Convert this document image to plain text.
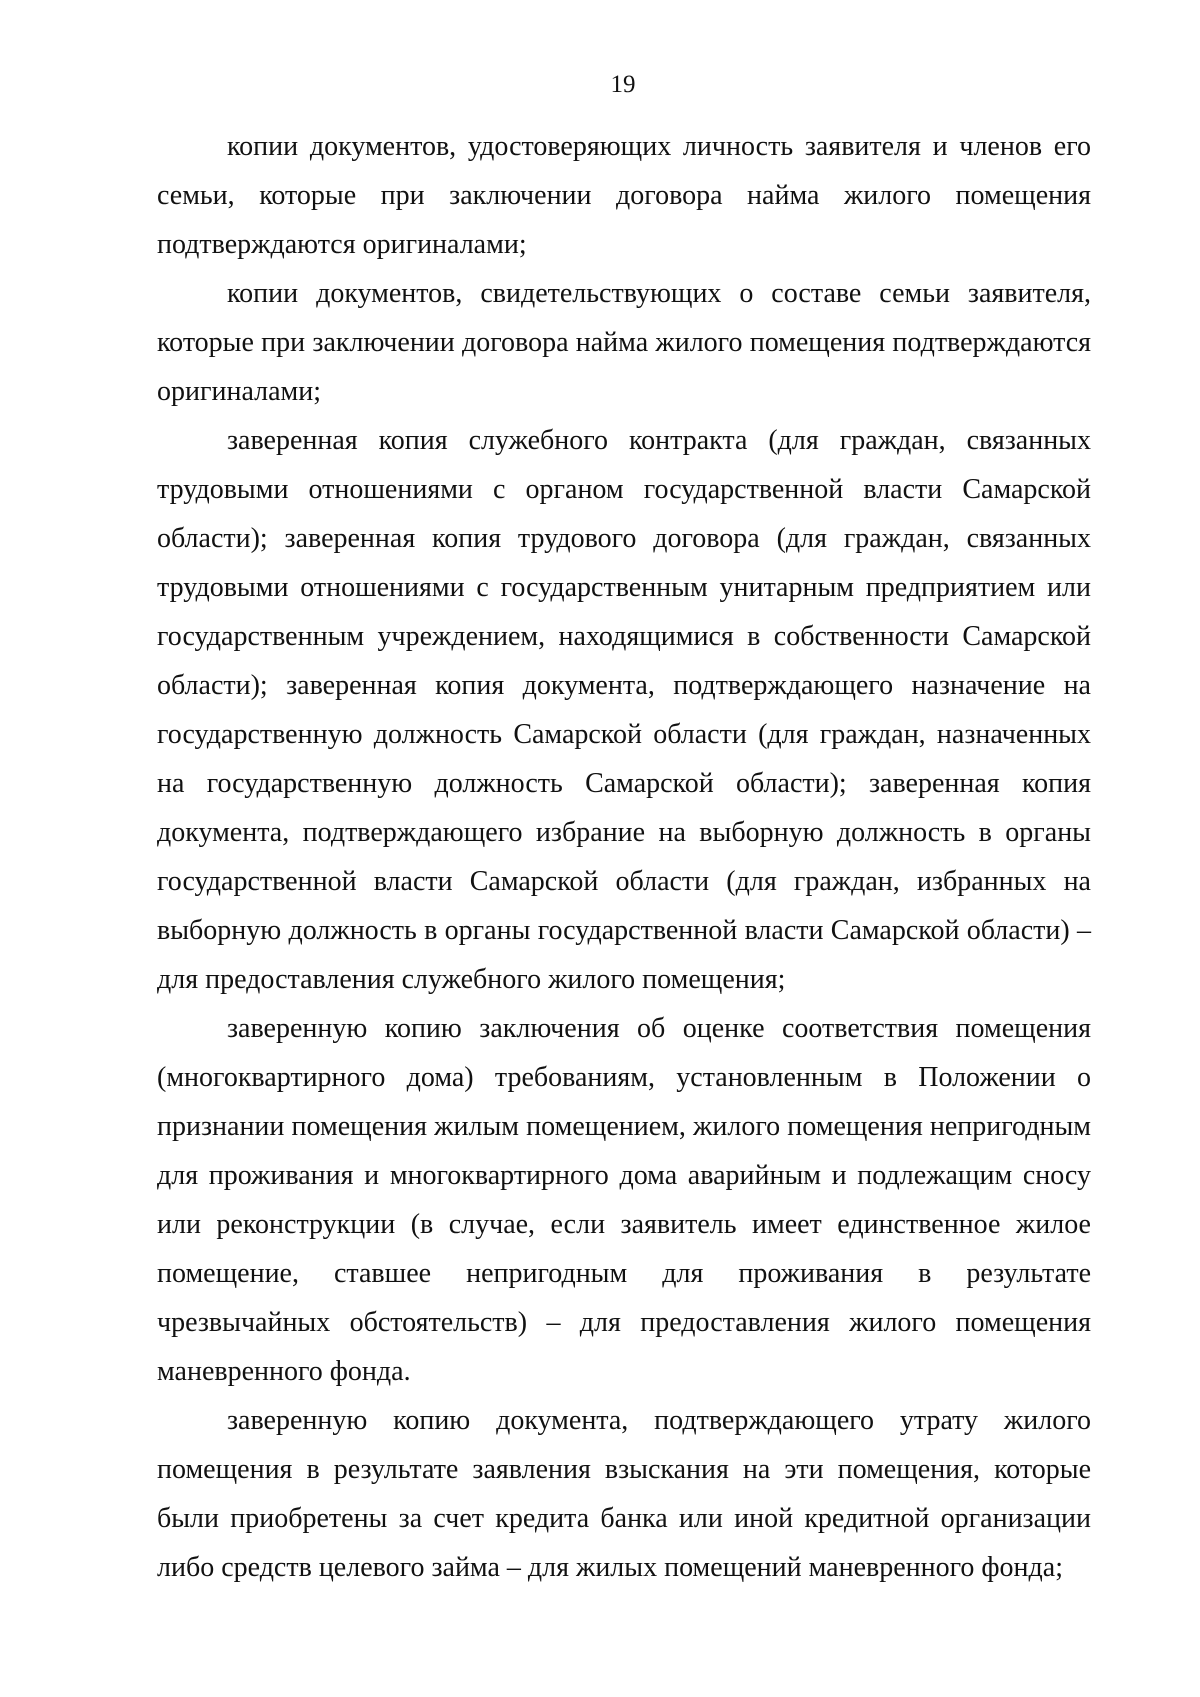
19

копии документов, удостоверяющих личность заявителя и членов его семьи, которые при заключении договора найма жилого помещения подтверждаются оригиналами;

копии документов, свидетельствующих о составе семьи заявителя, которые при заключении договора найма жилого помещения подтверждаются оригиналами;

заверенная копия служебного контракта (для граждан, связанных трудовыми отношениями с органом государственной власти Самарской области); заверенная копия трудового договора (для граждан, связанных трудовыми отношениями с государственным унитарным предприятием или государственным учреждением, находящимися в собственности Самарской области); заверенная копия документа, подтверждающего назначение на государственную должность Самарской области (для граждан, назначенных на государственную должность Самарской области); заверенная копия документа, подтверждающего избрание на выборную должность в органы государственной власти Самарской области (для граждан, избранных на выборную должность в органы государственной власти Самарской области) – для предоставления служебного жилого помещения;

заверенную копию заключения об оценке соответствия помещения (многоквартирного дома) требованиям, установленным в Положении о признании помещения жилым помещением, жилого помещения непригодным для проживания и многоквартирного дома аварийным и подлежащим сносу или реконструкции (в случае, если заявитель имеет единственное жилое помещение, ставшее непригодным для проживания в результате чрезвычайных обстоятельств) – для предоставления жилого помещения маневренного фонда.

заверенную копию документа, подтверждающего утрату жилого помещения в результате заявления взыскания на эти помещения, которые были приобретены за счет кредита банка или иной кредитной организации либо средств целевого займа – для жилых помещений маневренного фонда;
